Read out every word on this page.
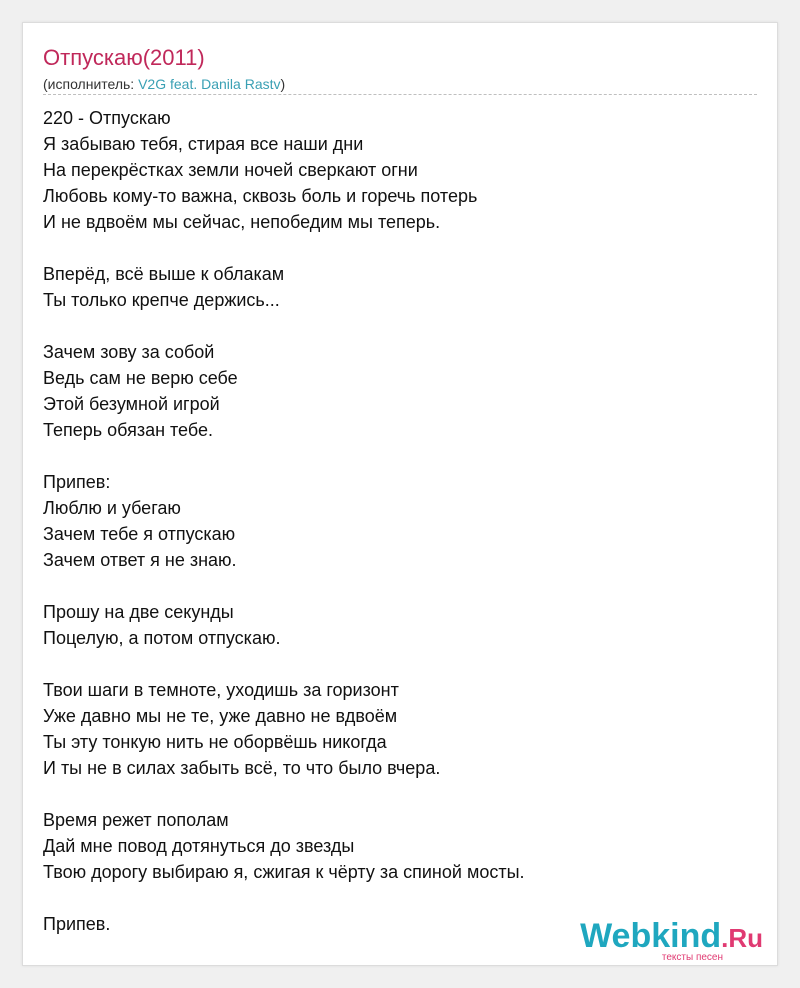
Отпускаю(2011)
(исполнитель: V2G feat. Danila Rastv)
220 - Отпускаю
Я забываю тебя, стирая все наши дни
На перекрёстках земли ночей сверкают огни
Любовь кому-то важна, сквозь боль и горечь потерь
И не вдвоём мы сейчас, непобедим мы теперь.
Вперёд, всё выше к облакам
Ты только крепче держись...
Зачем зову за собой
Ведь сам не верю себе
Этой безумной игрой
Теперь обязан тебе.
Припев:
Люблю и убегаю
Зачем тебе я отпускаю
Зачем ответ я не знаю.
Прошу на две секунды
Поцелую, а потом отпускаю.
Твои шаги в темноте, уходишь за горизонт
Уже давно мы не те, уже давно не вдвоём
Ты эту тонкую нить не оборвёшь никогда
И ты не в силах забыть всё, то что было вчера.
Время режет пополам
Дай мне повод дотянуться до звезды
Твою дорогу выбираю я, сжигая к чёрту за спиной мосты.
Припев.	Webkind.Ru
тексты песен
